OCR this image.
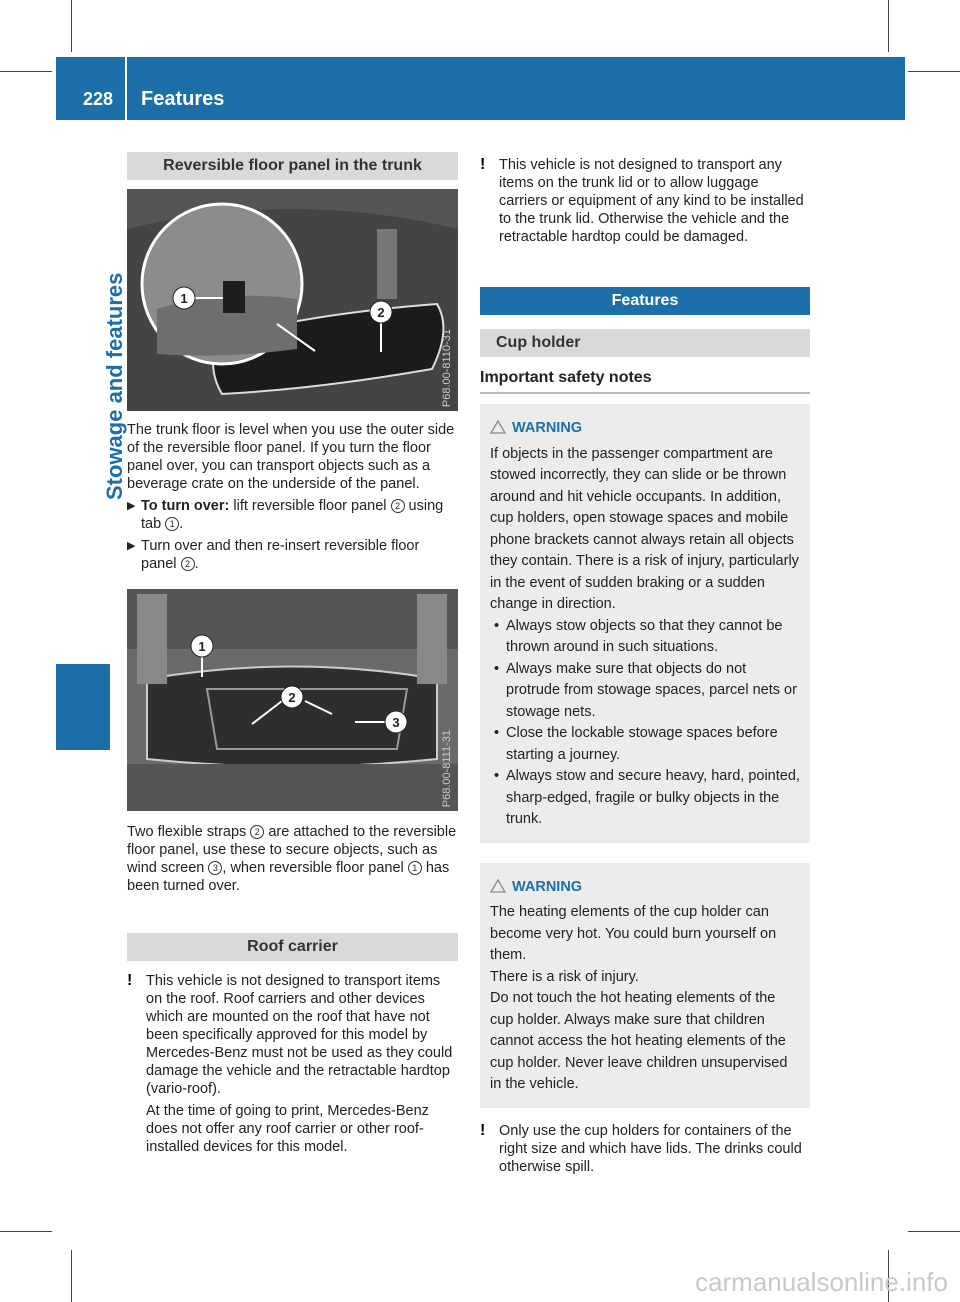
228 Features
Stowage and features
Reversible floor panel in the trunk
1
2
P68.00-8110-31

The trunk floor is level when you use the outer side of the reversible floor panel. If you turn the floor panel over, you can transport objects such as a beverage crate on the underside of the panel.

▶ To turn over: lift reversible floor panel 2 using tab 1 .
▶ Turn over and then re-insert reversible floor panel 2 .
1
2
3
P68.00-8111-31

Two flexible straps 2 are attached to the reversible floor panel, use these to secure objects, such as wind screen 3 , when reversible floor panel 1 has been turned over.

Roof carrier
! This vehicle is not designed to transport items on the roof. Roof carriers and other devices which are mounted on the roof that have not been specifically approved for this model by Mercedes-Benz must not be used as they could damage the vehicle and the retractable hardtop (vario-roof).

At the time of going to print, Mercedes-Benz does not offer any roof carrier or other roof-installed devices for this model.

! This vehicle is not designed to transport any items on the trunk lid or to allow luggage carriers or equipment of any kind to be installed to the trunk lid. Otherwise the vehicle and the retractable hardtop could be damaged.

Features
Cup holder
Important safety notes
WARNING

If objects in the passenger compartment are stowed incorrectly, they can slide or be thrown around and hit vehicle occupants. In addition, cup holders, open stowage spaces and mobile phone brackets cannot always retain all objects they contain. There is a risk of injury, particularly in the event of sudden braking or a sudden change in direction.

• Always stow objects so that they cannot be thrown around in such situations.
• Always make sure that objects do not protrude from stowage spaces, parcel nets or stowage nets.
• Close the lockable stowage spaces before starting a journey.
• Always stow and secure heavy, hard, pointed, sharp-edged, fragile or bulky objects in the trunk.
WARNING

The heating elements of the cup holder can become very hot. You could burn yourself on them.

There is a risk of injury.

Do not touch the hot heating elements of the cup holder. Always make sure that children cannot access the hot heating elements of the cup holder. Never leave children unsupervised in the vehicle.

! Only use the cup holders for containers of the right size and which have lids. The drinks could otherwise spill.

carmanualsonline.info
